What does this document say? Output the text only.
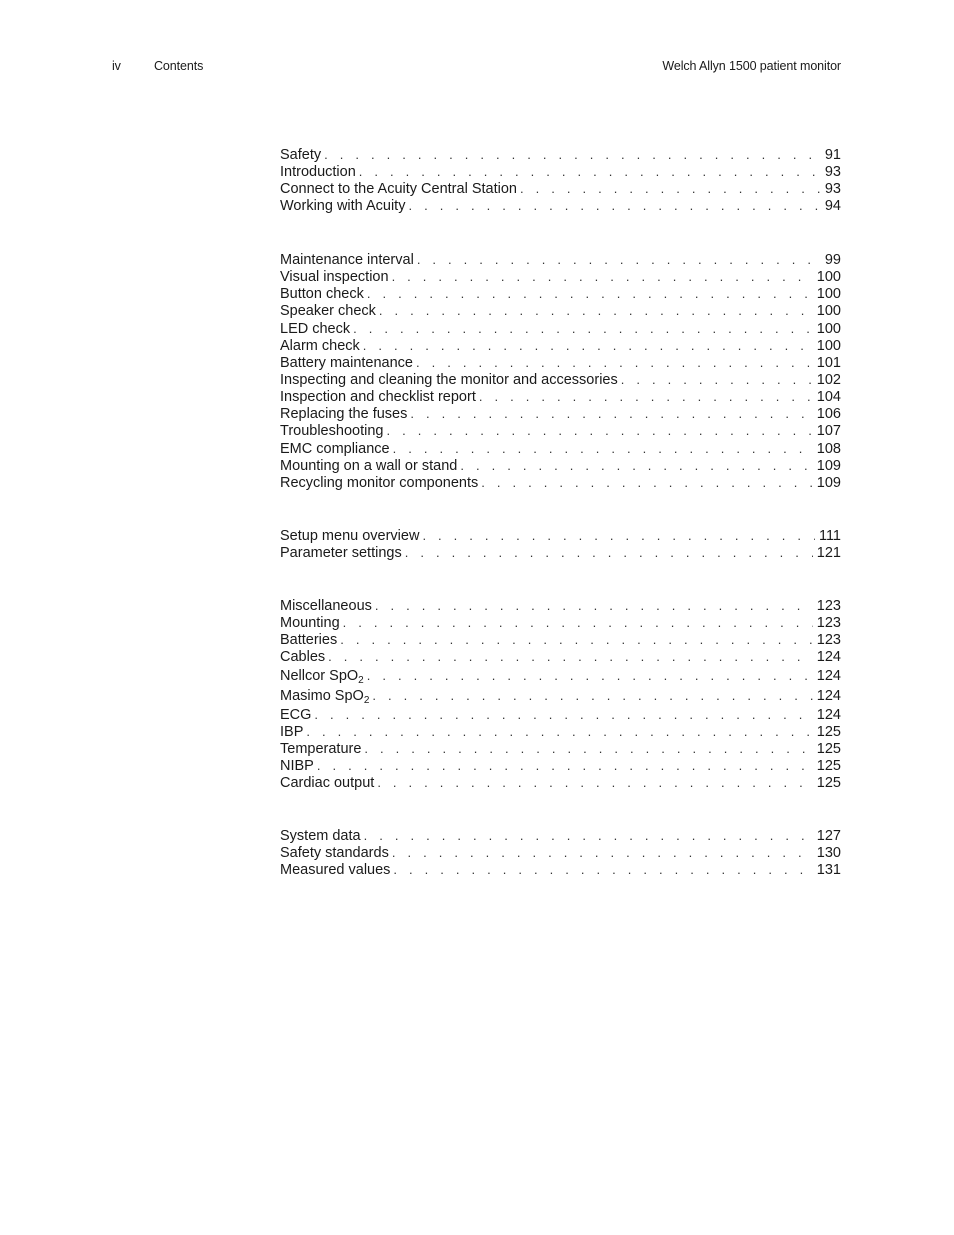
iv	Contents	Welch Allyn 1500 patient monitor
Safety . . .	91
Introduction . . .	93
Connect to the Acuity Central Station . . .	93
Working with Acuity . . .	94
Maintenance interval . . .	99
Visual inspection . . .	100
Button check . . .	100
Speaker check . . .	100
LED check . . .	100
Alarm check . . .	100
Battery maintenance . . .	101
Inspecting and cleaning the monitor and accessories . . .	102
Inspection and checklist report . . .	104
Replacing the fuses . . .	106
Troubleshooting . . .	107
EMC compliance . . .	108
Mounting on a wall or stand . . .	109
Recycling monitor components . . .	109
Setup menu overview . . .	111
Parameter settings . . .	121
Miscellaneous . . .	123
Mounting . . .	123
Batteries . . .	123
Cables . . .	124
Nellcor SpO$_2$ . . .	124
Masimo SpO$_2$ . . .	124
ECG . . .	124
IBP . . .	125
Temperature . . .	125
NIBP . . .	125
Cardiac output . . .	125
System data . . .	127
Safety standards . . .	130
Measured values . . .	131
